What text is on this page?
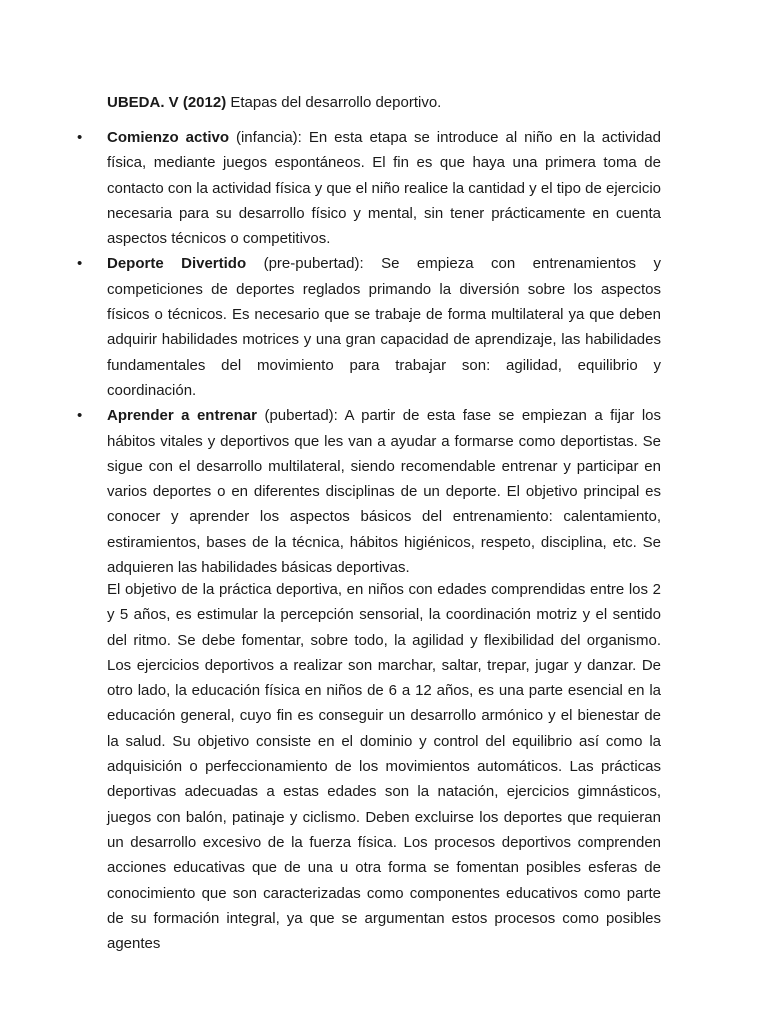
UBEDA. V (2012) Etapas del desarrollo deportivo.
• Comienzo activo (infancia): En esta etapa se introduce al niño en la actividad física, mediante juegos espontáneos. El fin es que haya una primera toma de contacto con la actividad física y que el niño realice la cantidad y el tipo de ejercicio necesaria para su desarrollo físico y mental, sin tener prácticamente en cuenta aspectos técnicos o competitivos.
• Deporte Divertido (pre-pubertad): Se empieza con entrenamientos y competiciones de deportes reglados primando la diversión sobre los aspectos físicos o técnicos. Es necesario que se trabaje de forma multilateral ya que deben adquirir habilidades motrices y una gran capacidad de aprendizaje, las habilidades fundamentales del movimiento para trabajar son: agilidad, equilibrio y coordinación.
• Aprender a entrenar (pubertad): A partir de esta fase se empiezan a fijar los hábitos vitales y deportivos que les van a ayudar a formarse como deportistas. Se sigue con el desarrollo multilateral, siendo recomendable entrenar y participar en varios deportes o en diferentes disciplinas de un deporte. El objetivo principal es conocer y aprender los aspectos básicos del entrenamiento: calentamiento, estiramientos, bases de la técnica, hábitos higiénicos, respeto, disciplina, etc. Se adquieren las habilidades básicas deportivas.

El objetivo de la práctica deportiva, en niños con edades comprendidas entre los 2 y 5 años, es estimular la percepción sensorial, la coordinación motriz y el sentido del ritmo. Se debe fomentar, sobre todo, la agilidad y flexibilidad del organismo. Los ejercicios deportivos a realizar son marchar, saltar, trepar, jugar y danzar. De otro lado, la educación física en niños de 6 a 12 años, es una parte esencial en la educación general, cuyo fin es conseguir un desarrollo armónico y el bienestar de la salud. Su objetivo consiste en el dominio y control del equilibrio así como la adquisición o perfeccionamiento de los movimientos automáticos. Las prácticas deportivas adecuadas a estas edades son la natación, ejercicios gimnásticos, juegos con balón, patinaje y ciclismo. Deben excluirse los deportes que requieran un desarrollo excesivo de la fuerza física. Los procesos deportivos comprenden acciones educativas que de una u otra forma se fomentan posibles esferas de conocimiento que son caracterizadas como componentes educativos como parte de su formación integral, ya que se argumentan estos procesos como posibles agentes
